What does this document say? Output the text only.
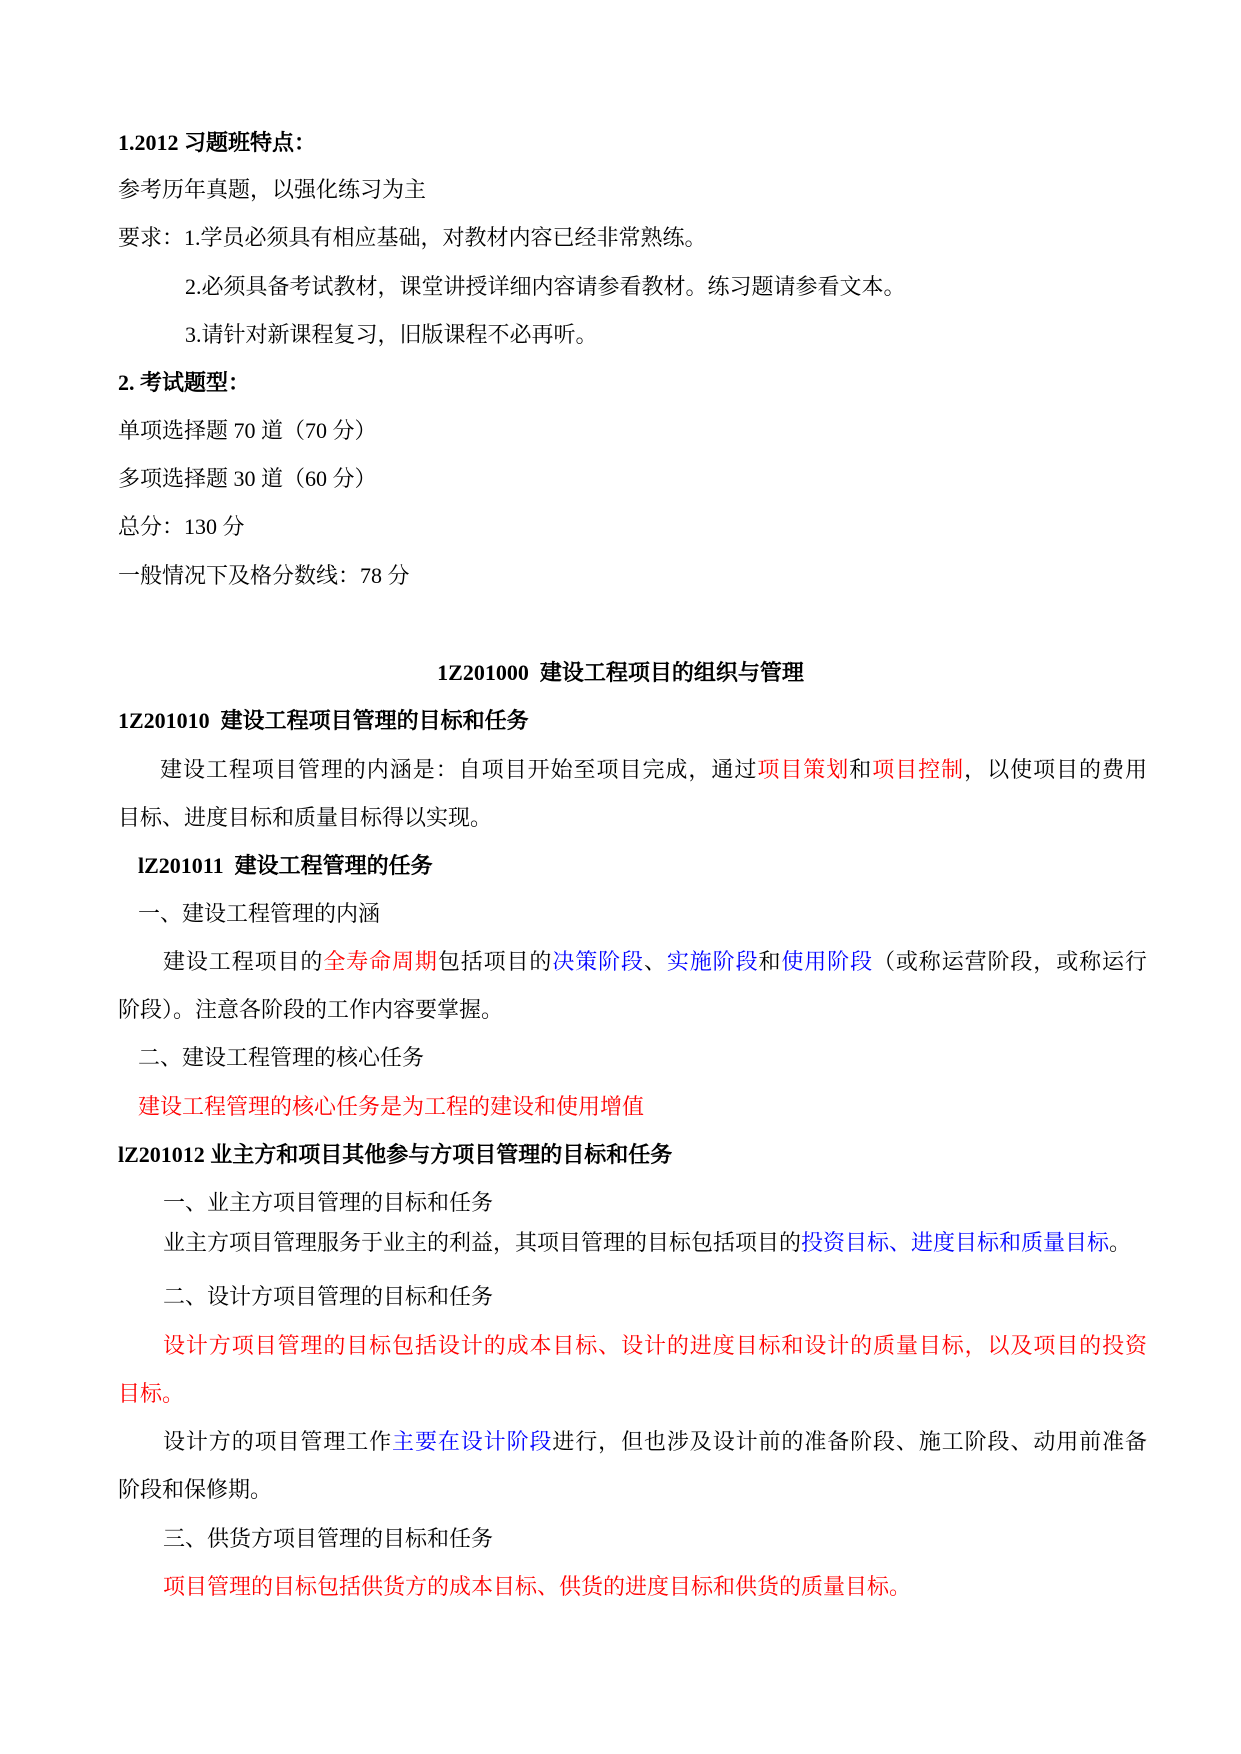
1.2012 习题班特点：
参考历年真题，以强化练习为主
要求：1.学员必须具有相应基础，对教材内容已经非常熟练。
2.必须具备考试教材，课堂讲授详细内容请参看教材。练习题请参看文本。
3.请针对新课程复习，旧版课程不必再听。
2. 考试题型：
单项选择题 70 道（70 分）
多项选择题 30 道（60 分）
总分：130 分
一般情况下及格分数线：78 分
1Z201000  建设工程项目的组织与管理
1Z201010  建设工程项目管理的目标和任务
建设工程项目管理的内涵是：自项目开始至项目完成，通过项目策划和项目控制，以使项目的费用
目标、进度目标和质量目标得以实现。
lZ201011  建设工程管理的任务
一、建设工程管理的内涵
建设工程项目的全寿命周期包括项目的决策阶段、实施阶段和使用阶段（或称运营阶段，或称运行
阶段）。注意各阶段的工作内容要掌握。
二、建设工程管理的核心任务
建设工程管理的核心任务是为工程的建设和使用增值
lZ201012 业主方和项目其他参与方项目管理的目标和任务
一、业主方项目管理的目标和任务
业主方项目管理服务于业主的利益，其项目管理的目标包括项目的投资目标、进度目标和质量目标。
二、设计方项目管理的目标和任务
设计方项目管理的目标包括设计的成本目标、设计的进度目标和设计的质量目标，以及项目的投资
目标。
设计方的项目管理工作主要在设计阶段进行，但也涉及设计前的准备阶段、施工阶段、动用前准备
阶段和保修期。
三、供货方项目管理的目标和任务
项目管理的目标包括供货方的成本目标、供货的进度目标和供货的质量目标。
